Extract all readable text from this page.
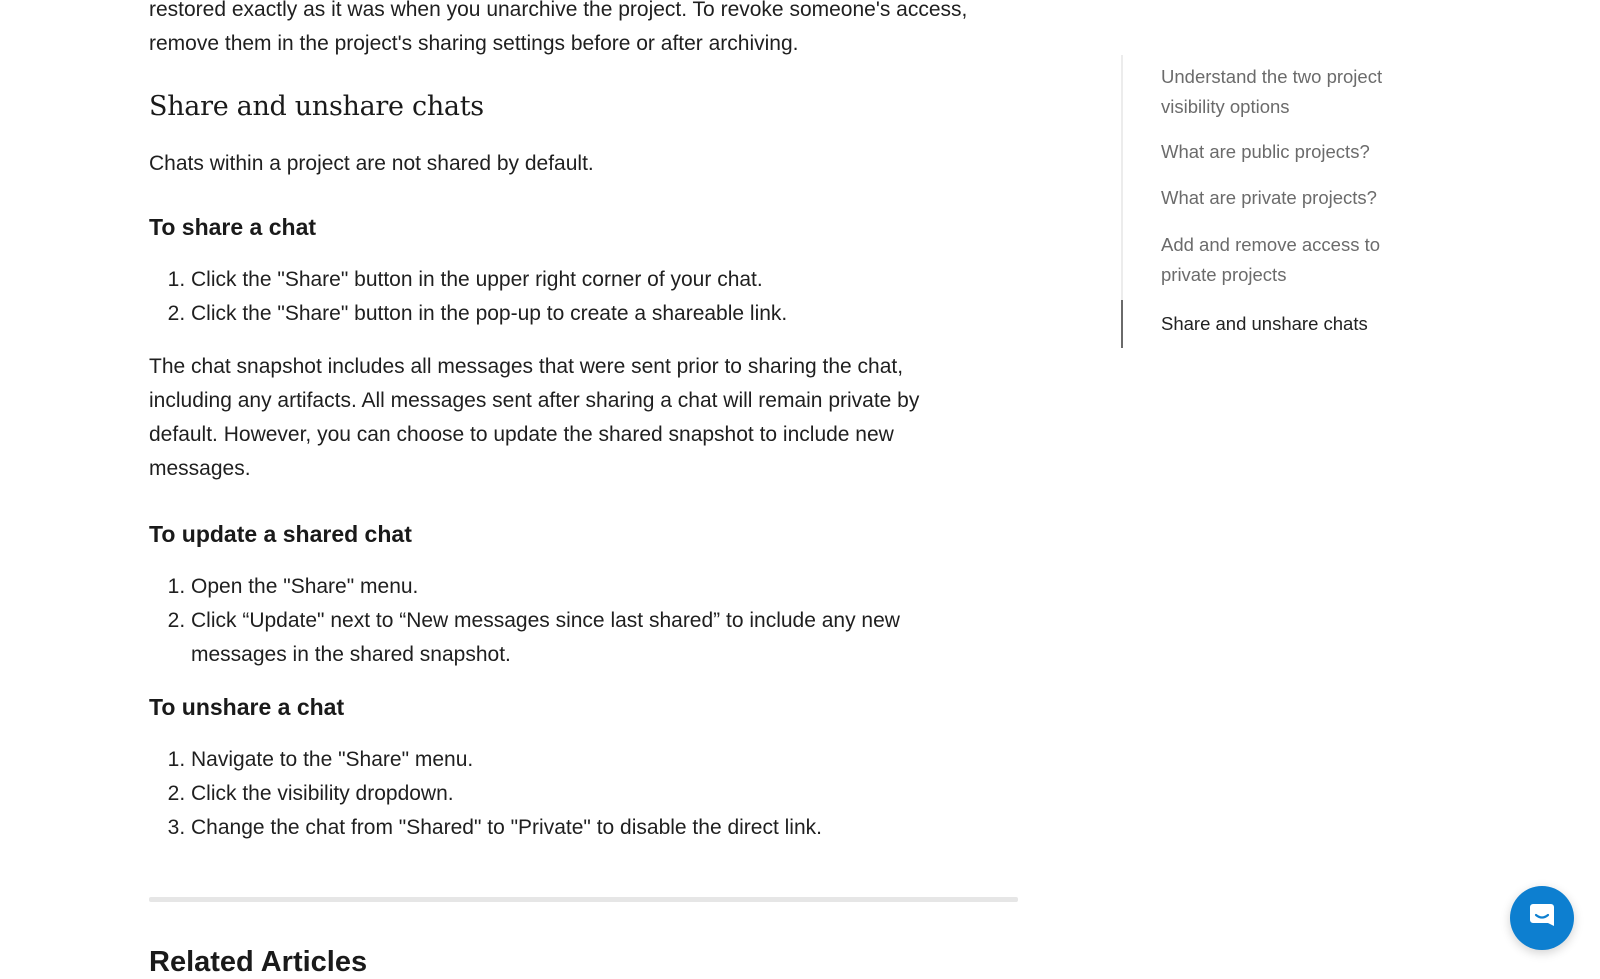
restored exactly as it was when you unarchive the project. To revoke someone's access, remove them in the project's sharing settings before or after archiving.

Share and unshare chats

Chats within a project are not shared by default.

To share a chat
1. Click the "Share" button in the upper right corner of your chat.
2. Click the "Share" button in the pop-up to create a shareable link.

The chat snapshot includes all messages that were sent prior to sharing the chat, including any artifacts. All messages sent after sharing a chat will remain private by default. However, you can choose to update the shared snapshot to include new messages.

To update a shared chat
1. Open the "Share" menu.
2. Click “Update" next to “New messages since last shared” to include any new messages in the shared snapshot.
To unshare a chat
1. Navigate to the "Share" menu.
2. Click the visibility dropdown.
3. Change the chat from "Shared" to "Private" to disable the direct link.
Related Articles
Understand the two project visibility options
What are public projects?
What are private projects?
Add and remove access to private projects
Share and unshare chats
